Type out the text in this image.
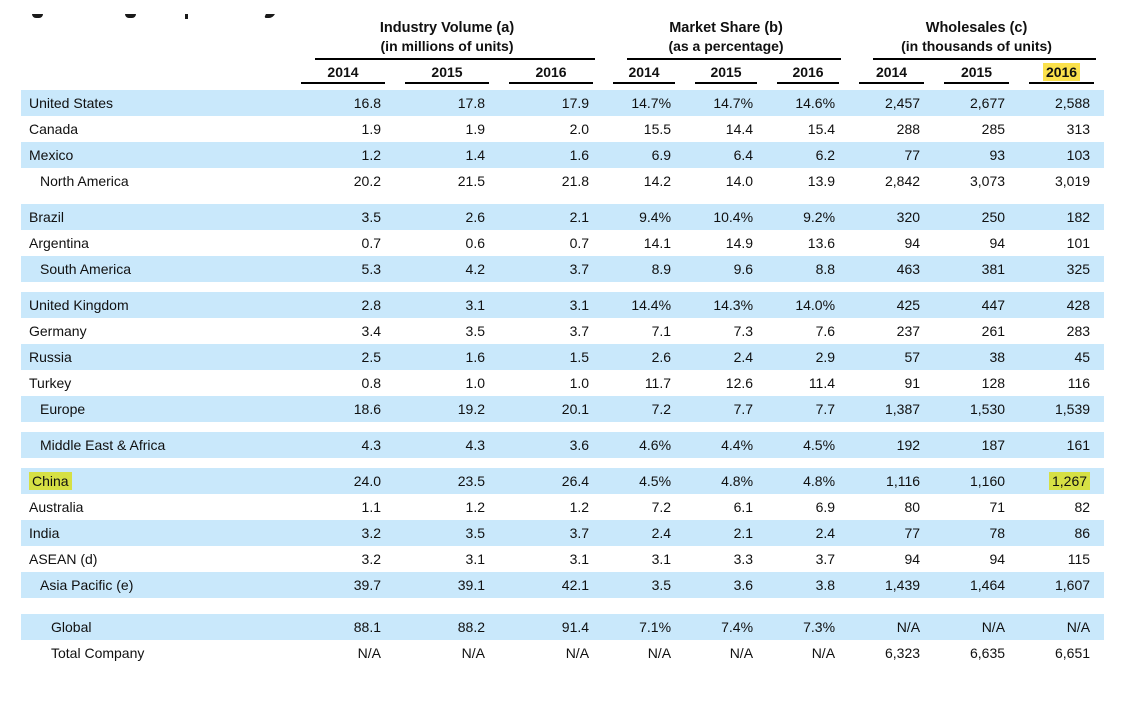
	Industry Volume (a)			Market Share (b)			Wholesales (c)		
	(in millions of units)			(as a percentage)			(in thousands of units)		

	2014	2015	2016	2014	2015	2016	2014	2015	2016

United States	16.8	17.8	17.9	14.7%	14.7%	14.6%	2,457	2,677	2,588
Canada	1.9	1.9	2.0	15.5	14.4	15.4	288	285	313
Mexico	1.2	1.4	1.6	6.9	6.4	6.2	77	93	103
North America	20.2	21.5	21.8	14.2	14.0	13.9	2,842	3,073	3,019

Brazil	3.5	2.6	2.1	9.4%	10.4%	9.2%	320	250	182
Argentina	0.7	0.6	0.7	14.1	14.9	13.6	94	94	101
South America	5.3	4.2	3.7	8.9	9.6	8.8	463	381	325

United Kingdom	2.8	3.1	3.1	14.4%	14.3%	14.0%	425	447	428
Germany	3.4	3.5	3.7	7.1	7.3	7.6	237	261	283
Russia	2.5	1.6	1.5	2.6	2.4	2.9	57	38	45
Turkey	0.8	1.0	1.0	11.7	12.6	11.4	91	128	116
Europe	18.6	19.2	20.1	7.2	7.7	7.7	1,387	1,530	1,539

Middle East & Africa	4.3	4.3	3.6	4.6%	4.4%	4.5%	192	187	161

China	24.0	23.5	26.4	4.5%	4.8%	4.8%	1,116	1,160	1,267
Australia	1.1	1.2	1.2	7.2	6.1	6.9	80	71	82
India	3.2	3.5	3.7	2.4	2.1	2.4	77	78	86
ASEAN (d)	3.2	3.1	3.1	3.1	3.3	3.7	94	94	115
Asia Pacific (e)	39.7	39.1	42.1	3.5	3.6	3.8	1,439	1,464	1,607

Global	88.1	88.2	91.4	7.1%	7.4%	7.3%	N/A	N/A	N/A
Total Company	N/A	N/A	N/A	N/A	N/A	N/A	6,323	6,635	6,651
